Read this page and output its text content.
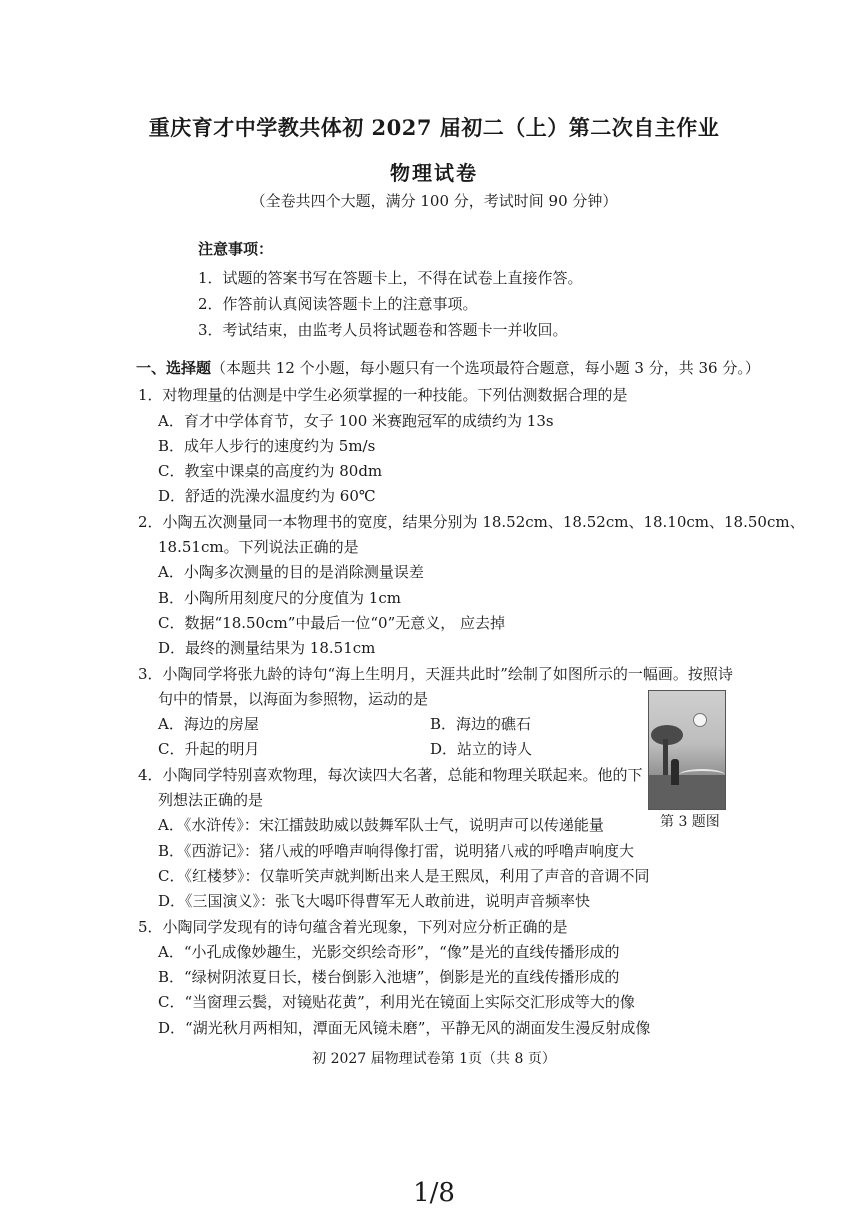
重庆育才中学教共体初 2027 届初二（上）第二次自主作业
物理试卷
（全卷共四个大题，满分 100 分，考试时间 90 分钟）
注意事项：
1．试题的答案书写在答题卡上，不得在试卷上直接作答。
2．作答前认真阅读答题卡上的注意事项。
3．考试结束，由监考人员将试题卷和答题卡一并收回。
一、选择题（本题共 12 个小题，每小题只有一个选项最符合题意，每小题 3 分，共 36 分。）
1．对物理量的估测是中学生必须掌握的一种技能。下列估测数据合理的是
A．育才中学体育节，女子 100 米赛跑冠军的成绩约为 13s
B．成年人步行的速度约为 5m/s
C．教室中课桌的高度约为 80dm
D．舒适的洗澡水温度约为 60℃
2．小陶五次测量同一本物理书的宽度，结果分别为 18.52cm、18.52cm、18.10cm、18.50cm、
18.51cm。下列说法正确的是
A．小陶多次测量的目的是消除测量误差
B．小陶所用刻度尺的分度值为 1cm
C．数据“18.50cm”中最后一位“0”无意义， 应去掉
D．最终的测量结果为 18.51cm
3．小陶同学将张九龄的诗句“海上生明月，天涯共此时”绘制了如图所示的一幅画。按照诗
句中的情景，以海面为参照物，运动的是
A．海边的房屋	B．海边的礁石
C．升起的明月	D．站立的诗人
4．小陶同学特别喜欢物理，每次读四大名著，总能和物理关联起来。他的下
列想法正确的是
A．《水浒传》：宋江擂鼓助威以鼓舞军队士气，说明声可以传递能量
B．《西游记》：猪八戒的呼噜声响得像打雷，说明猪八戒的呼噜声响度大
C．《红楼梦》：仅靠听笑声就判断出来人是王熙凤，利用了声音的音调不同
D．《三国演义》：张飞大喝吓得曹军无人敢前进，说明声音频率快
5．小陶同学发现有的诗句蕴含着光现象，下列对应分析正确的是
A．“小孔成像妙趣生，光影交织绘奇形”，“像”是光的直线传播形成的
B．“绿树阴浓夏日长，楼台倒影入池塘”，倒影是光的直线传播形成的
C．“当窗理云鬓，对镜贴花黄”，利用光在镜面上实际交汇形成等大的像
D．“湖光秋月两相知，潭面无风镜未磨”，平静无风的湖面发生漫反射成像
第 3 题图
初 2027 届物理试卷第 1页（共 8 页）
1/8
